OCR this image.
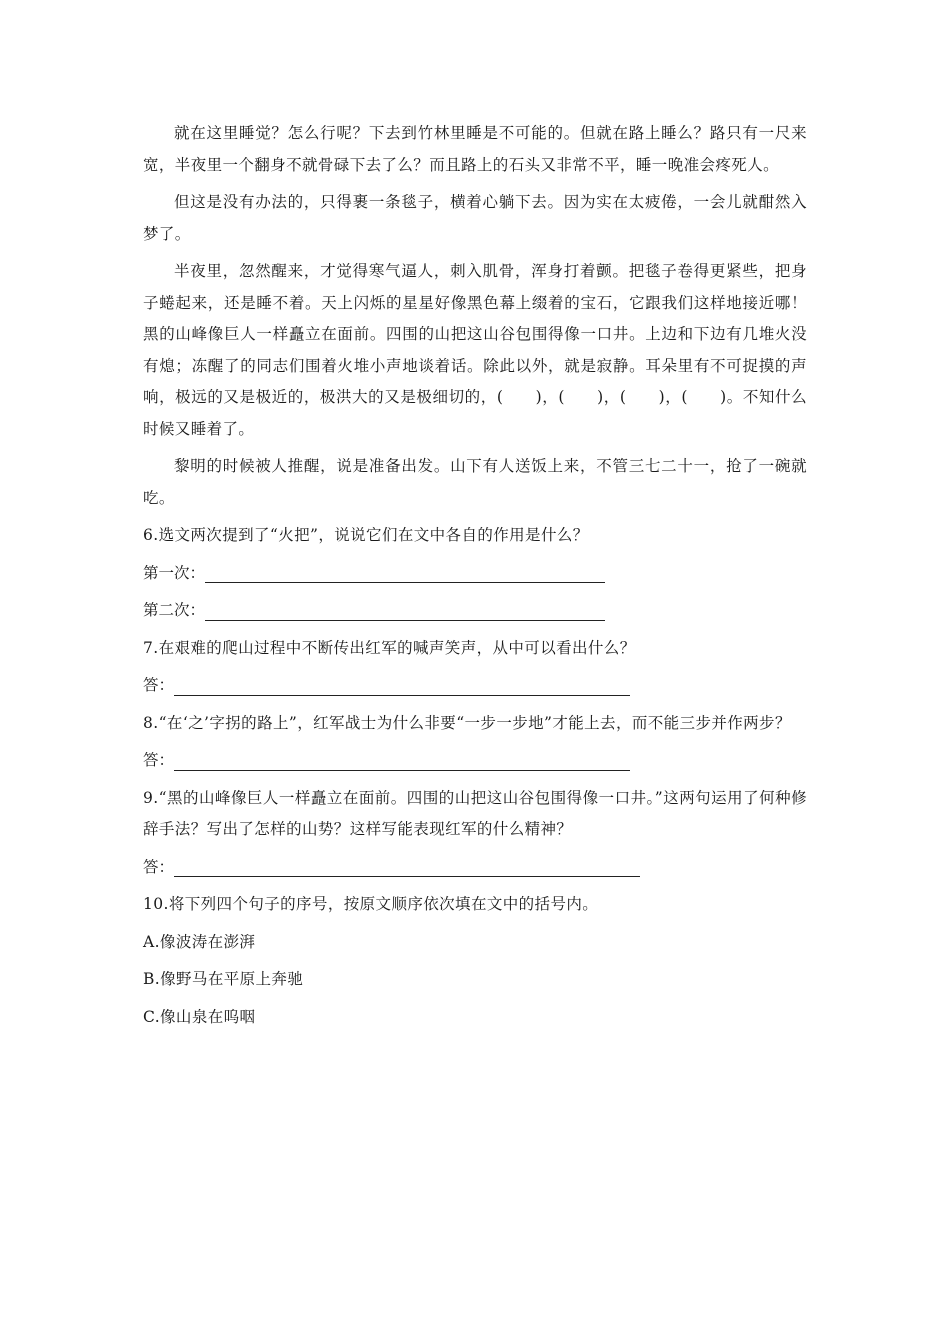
就在这里睡觉？怎么行呢？下去到竹林里睡是不可能的。但就在路上睡么？路只有一尺来宽，半夜里一个翻身不就骨碌下去了么？而且路上的石头又非常不平，睡一晚准会疼死人。

但这是没有办法的，只得裹一条毯子，横着心躺下去。因为实在太疲倦，一会儿就酣然入梦了。

半夜里，忽然醒来，才觉得寒气逼人，刺入肌骨，浑身打着颤。把毯子卷得更紧些，把身子蜷起来，还是睡不着。天上闪烁的星星好像黑色幕上缀着的宝石，它跟我们这样地接近哪！黑的山峰像巨人一样矗立在面前。四围的山把这山谷包围得像一口井。上边和下边有几堆火没有熄；冻醒了的同志们围着火堆小声地谈着话。除此以外，就是寂静。耳朵里有不可捉摸的声响，极远的又是极近的，极洪大的又是极细切的，(　　)，(　　)，(　　)，(　　)。不知什么时候又睡着了。

黎明的时候被人推醒，说是准备出发。山下有人送饭上来，不管三七二十一，抢了一碗就吃。

6.选文两次提到了“火把”，说说它们在文中各自的作用是什么？

第一次：
第二次：

7.在艰难的爬山过程中不断传出红军的喊声笑声，从中可以看出什么？

答：

8.“在‘之’字拐的路上”，红军战士为什么非要“一步一步地”才能上去，而不能三步并作两步？

答：

9.“黑的山峰像巨人一样矗立在面前。四围的山把这山谷包围得像一口井。”这两句运用了何种修辞手法？写出了怎样的山势？这样写能表现红军的什么精神？

答：

10.将下列四个句子的序号，按原文顺序依次填在文中的括号内。

A.像波涛在澎湃

B.像野马在平原上奔驰

C.像山泉在呜咽
